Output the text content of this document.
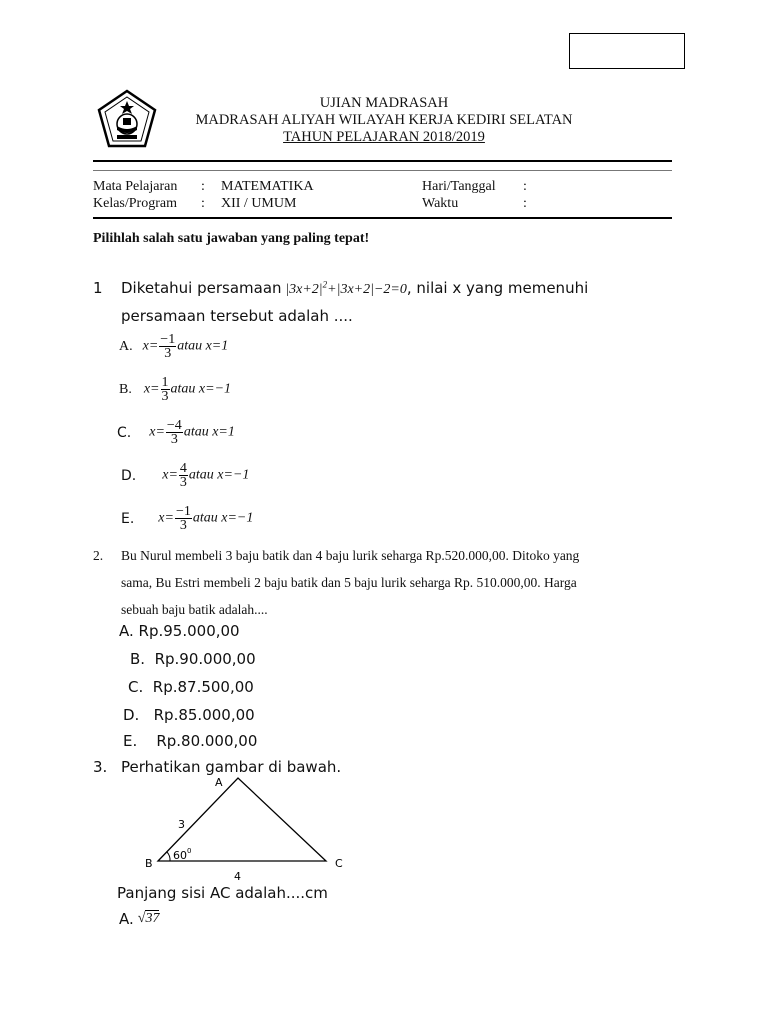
UJIAN MADRASAH
MADRASAH ALIYAH WILAYAH KERJA KEDIRI SELATAN
TAHUN PELAJARAN 2018/2019
Mata Pelajaran : MATEMATIKA	Hari/Tanggal :
Kelas/Program : XII / UMUM	Waktu	:
Pilihlah salah satu jawaban yang paling tepat!
1 Diketahui persamaan $|3x+2|^2+|3x+2|-2=0$, nilai x yang memenuhi
persamaan tersebut adalah ....
A. $x= \frac{-1}{3}$ atau x=1
B. $x= \frac{1}{3}$ atau x=−1
C. $x= \frac{-4}{3}$ atau x=1
D. $x= \frac{4}{3}$ atau x=−1
E. $x= \frac{-1}{3}$ atau x=−1
2. Bu Nurul membeli 3 baju batik dan 4 baju lurik seharga Rp.520.000,00. Ditoko yang
sama, Bu Estri membeli 2 baju batik dan 5 baju lurik seharga Rp. 510.000,00. Harga
sebuah baju batik adalah....
A. Rp.95.000,00
B.  Rp.90.000,00
C.  Rp.87.500,00
D.   Rp.85.000,00
E.    Rp.80.000,00
3. Perhatikan gambar di bawah.
A
B	C
3
4
60 0
Panjang sisi AC adalah....cm
A. √37
